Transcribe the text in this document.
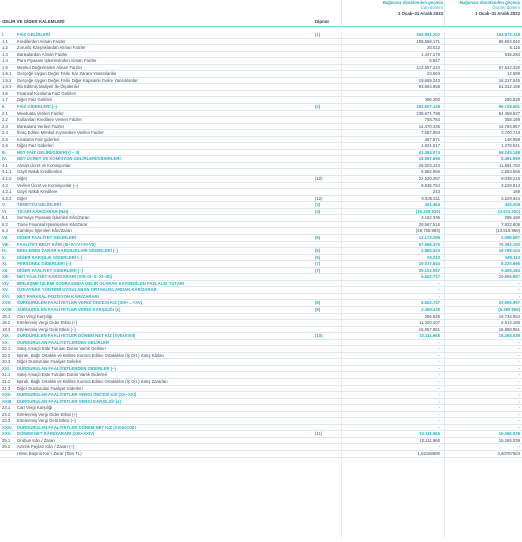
Bağımsız denetimden geçmiş	Bağımsız denetimden geçmiş
Cari dönem	Önceki dönem
1 Ocak–31 Aralık 2023	1 Ocak–31 Aralık 2022
GELİR VE GİDER KALEMLERİ	Dipnot
I.	FAİZ GELİRLERİ	(1)	304.991.202	153.973.729
1.1	Kredilerden Alınan Faizler	189.559.171	85.604.042
1.2	Zorunlu Karşılıklardan Alınan Faizler	26.022	5.115
1.3	Bankalardan Alınan Faizler	1.447.178	535.284
1.4	Para Piyasası İşlemlerinden Alınan Faizler	5.547	-
1.5	Menkul Değerlerden Alınan Faizler	113.557.224	67.542.320
1.5.1	Gerçeğe Uygun Değer Farkı Kar Zarara Yansıtılanlar	23.663	12.589
1.5.2	Gerçeğe Uygun Değer Farkı Diğer Kapsamlı Gelire Yansıtılanlar	19.669.243	16.217.545
1.5.3	İtfa Edilmiş Maliyeti İle Ölçülenler	93.864.958	51.312.186
1.6	Finansal Kiralama Faiz Gelirleri	-	-
1.7	Diğer Faiz Gelirleri	396.260	286.929
II.	FAİZ GİDERLERİ (–)	(2)	263.607.128	85.728.561
2.1	Mevduata Verilen Faizler	238.671.798	64.459.527
2.2	Kullanılan Kredilere Verilen Faizler	758.783	358.169
2.3	Bankalara Verilen Faizler	14.470.336	15.784.967
2.4	İhraç Edilen Menkul Kıymetlere Verilen Faizler	7.587.083	3.700.719
2.5	Kiralama Faiz giderleri	487.571	148.958
2.6	Diğer Faiz Giderleri	1.631.617	1.276.541
III.	NET FAİZ GELİRİ/GİDERİ (I – II)	41.384.074	68.245.168
IV.	NET ÜCRET VE KOMİSYON GELİRLERİ/GİDERLERİ	18.967.669	8.461.969
4.1	Alınan Ücret ve Komisyonlar	28.503.223	11.691.782
4.1.1	Gayri Nakdi Kredilerden	5.982.956	2.653.566
4.1.2	Diğer	(12)	22.520.267	9.038.216
4.2	Verilen Ücret ve Komisyonlar (–)	9.535.754	3.229.813
4.2.1	Gayri Nakdi Kredilere	243	169
4.2.2	Diğer	(12)	9.535.511	3.229.644
V.	TEMETTÜ GELİRLERİ	(3)	401.464	426.209
VI.	TİCARİ KÂR/ZARAR (Net)	(4)	(16.209.929)	(3.674.000)
6.1	Sermaye Piyasası İşlemleri Kârı/Zararı	3.162.336	285.160
6.2	Türev Finansal İşlemlerden Kâr/Zarar	29.567.516	7.832.809
6.3	Kambiyo İşlemleri Kârı/Zararı	(48.759.983)	(13.919.969)
VII.	DİĞER FAALİYET GELİRLERİ	(5)	13.173.298	4.086.867
VIII.	FAALİYET BRÜT KÂRI (III+IV+V+VI+VII)	57.696.376	75.362.193
IX.	BEKLENEN ZARAR KARŞILIKLARI GİDERLERİ (–)	(6)	2.894.523	16.785.104
X.	DİĞER KARŞILIK GİDERLERİ (–)	(6)	29.213	185.113
XI.	PERSONEL GİDERLERİ (–)	(7)	19.017.844	8.220.695
XII.	DİĞER FAALİYET GİDERLERİ (–)	(7)	29.102.057	9.495.184
XIII.	NET FAALİYET KÂRI/ZARARI (VIII–IX–X–XI–XII)	6.652.737	20.655.997
XIV.	BİRLEŞME İŞLEMİ SONRASINDA GELİR OLARAK KAYDEDİLEN FAZLALIK TUTARI	-	-
XV.	ÖZKAYNAK YÖNTEMİ UYGULANAN ORTAKLIKLARDAN KÂR/ZARAR	-	-
XVI.	NET PARASAL POZİSYON KÂRI/ZARARI	-	-
XVII.	SÜRDÜRÜLEN FAALİYETLER VERGİ ÖNCESİ K/Z (XIII+…+XV)	(8)	6.652.737	20.655.997
XVIII.	SÜRDÜRÜLEN FAALİYETLER VERGİ KARŞILIĞI (±)	(9)	3.459.228	(5.390.958)
18.1	Cari Vergi Karşılığı	286.626	16.734.654
18.2	Ertelenmiş Vergi Gider Etkisi (+)	11.320.107	5.514.165
18.3	Ertelenmiş Vergi Gelir Etkisi (–)	15.067.961	16.858.861
XIX.	SÜRDÜRÜLEN FAALİYETLER DÖNEM NET K/Z (XVII±XVIII)	(10)	10.111.965	15.265.039
XX.	DURDURULAN FAALİYETLERDEN GELİRLER	-	-
20.1	Satış Amaçlı Elde Tutulan Duran Varlık Gelirleri	-	-
20.2	İştirak, Bağlı Ortaklık ve Birlikte Kontrol Edilen Ortaklıklar (İş Ort.) Satış Kârları	-	-
20.3	Diğer Durdurulan Faaliyet Gelirleri	-	-
XXI.	DURDURULAN FAALİYETLERDEN GİDERLER (–)	-	-
21.1	Satış Amaçlı Elde Tutulan Duran Varlık Giderleri	-	-
21.2	İştirak, Bağlı Ortaklık ve Birlikte Kontrol Edilen Ortaklıklar (İş Ort.) Satış Zararları	-	-
21.3	Diğer Durdurulan Faaliyet Giderleri	-	-
XXII.	DURDURULAN FAALİYETLER VERGİ ÖNCESİ K/Z (XX–XXI)	-	-
XXIII.	DURDURULAN FAALİYETLER VERGİ KARŞILIĞI (±)	-	-
23.1	Cari Vergi Karşılığı	-	-
23.2	Ertelenmiş Vergi Gider Etkisi (+)	-	-
23.3	Ertelenmiş Vergi Gelir Etkisi (–)	-	-
XXIV.	DURDURULAN FAALİYETLER DÖNEM NET K/Z (XXII±XXIII)	-	-
XXV.	DÖNEM NET KÂRI/ZARARI (XIX+XXIV)	(11)	10.111.965	15.265.039
25.1	Grubun Kârı / Zararı	10.111.965	15.265.039
25.2	Azınlık Payları Kârı / Zararı (–)	-	-
Hisse Başına Kar / Zarar (Tam TL)	1,52186990	3,60787563
